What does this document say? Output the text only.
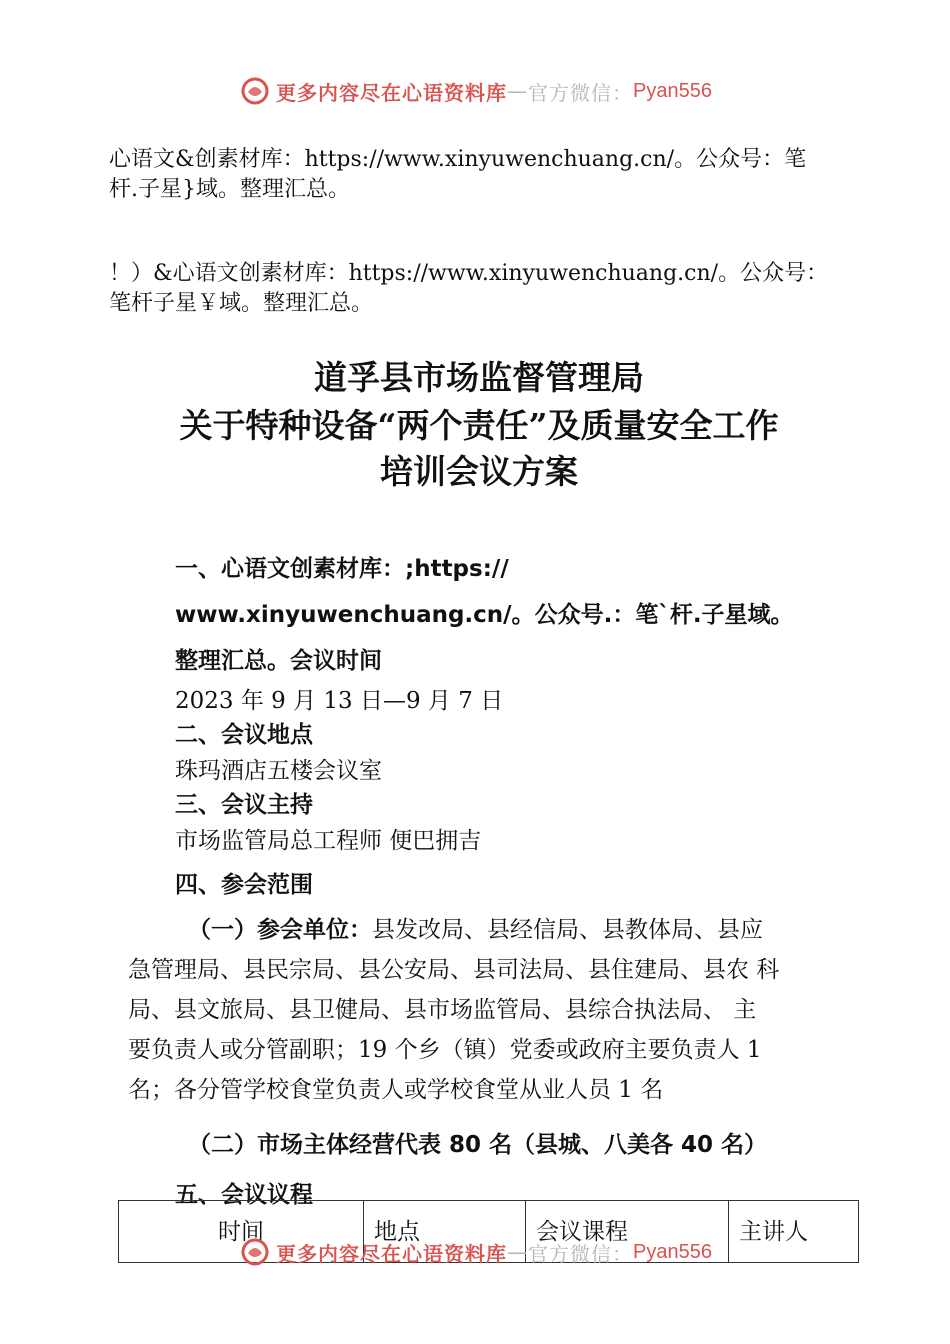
更多内容尽在心语资料库 — 官方微信： Pyan556
心语文&创素材库：https://www.xinyuwenchuang.cn/。公众号：笔
杆.子星}域。整理汇总。
！）&心语文创素材库：https://www.xinyuwenchuang.cn/。公众号：
笔杆子星￥域。整理汇总。
道孚县市场监督管理局
关于特种设备“两个责任”及质量安全工作
培训会议方案
一、心语文创素材库：;https://
www.xinyuwenchuang.cn/。公众号.：笔`杆.子星域。
整理汇总。会议时间
2023 年 9 月 13 日—9 月 7 日
二、会议地点
珠玛酒店五楼会议室
三、会议主持
市场监管局总工程师 便巴拥吉
四、参会范围
（一）参会单位：县发改局、县经信局、县教体局、县应
急管理局、县民宗局、县公安局、县司法局、县住建局、县农 科
局、县文旅局、县卫健局、县市场监管局、县综合执法局、 主
要负责人或分管副职；19 个乡（镇）党委或政府主要负责人 1
名；各分管学校食堂负责人或学校食堂从业人员 1 名
（二）市场主体经营代表 80 名（县城、八美各 40 名）
五、会议议程
时间	地点	会议课程	主讲人
更多内容尽在心语资料库 — 官方微信： Pyan556
